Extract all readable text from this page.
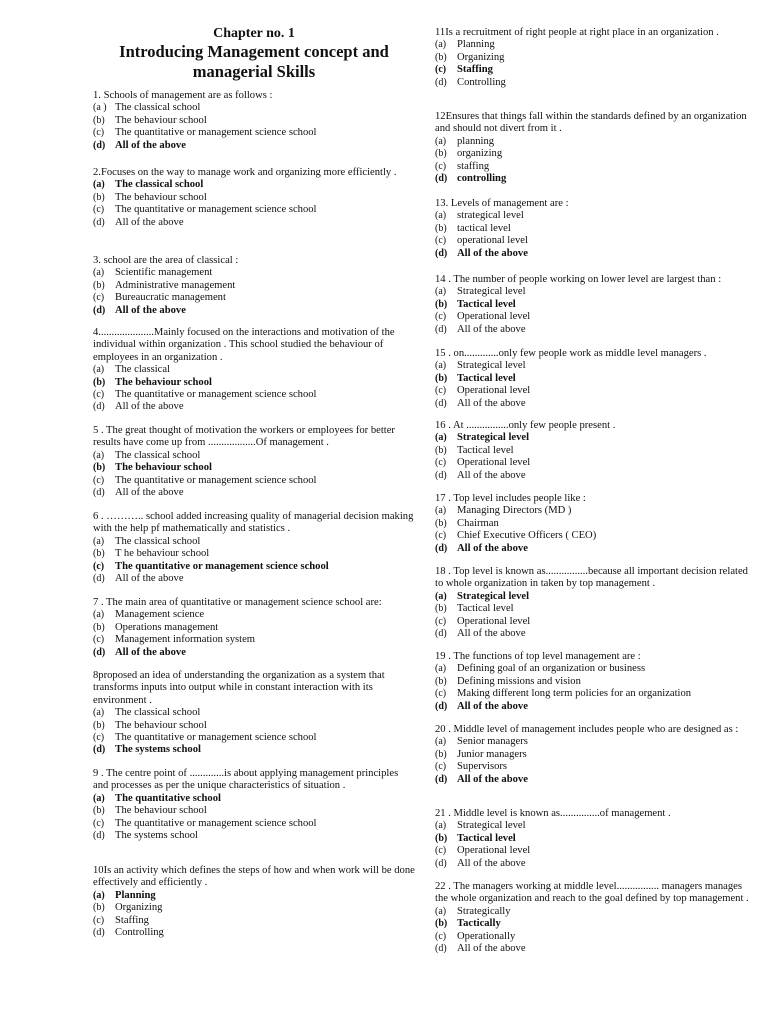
Chapter no. 1
Introducing Management concept and
managerial Skills

1. Schools of management are as follows :

(a ) The classical school
(b) The behaviour school
(c)	The quantitative or management science school
(d) All of the above

2.Focuses on the way to manage work and organizing more efficiently .

(a) The classical school
(b) The behaviour school
(c)	The quantitative or management science school
(d) All of the above

3. school are the area of classical :

(a)	Scientific management
(b) Administrative management
(c)	Bureaucratic management
(d) All of the above

4.....................Mainly focused on the interactions and motivation of the individual within organization . This school studied the behaviour of employees in an organization .

(a)	The classical
(b) The behaviour school
(c)	The quantitative or management science school
(d) All of the above

5 . The great thought of motivation the workers or employees for better results have come up from ..................Of management .

(a)	The classical school
(b) The behaviour school
(c)	The quantitative or management science school
(d) All of the above

6 . ……….. school added increasing quality of managerial decision making with the help pf mathematically and statistics .

(a)	The classical school
(b) T he behaviour school
(c)	The quantitative or management science school
(d) All of the above

7 . The main area of quantitative or management science school are:

(a)	Management science
(b) Operations management
(c)	Management information system
(d) All of the above

8proposed an idea of understanding the organization as a system that transforms inputs into output while in constant interaction with its environment .

(a)	The classical school
(b) The behaviour school
(c)	The quantitative or management science school
(d) The systems school

9 . The centre point of .............is about applying management principles and processes as per the unique characteristics of situation .

(a) The quantitative school
(b) The behaviour school
(c)	The quantitative or management science school
(d) The systems school

10Is an activity which defines the steps of how and when work will be done effectively and efficiently .

(a) Planning
(b) Organizing
(c)	Staffing
(d) Controlling

11Is a recruitment of right people at right place in an organization .

(a)	Planning
(b) Organizing
(c)	Staffing
(d) Controlling

12Ensures that things fall within the standards defined by an organization and should not divert from it .

(a)	planning
(b) organizing
(c)	staffing
(d) controlling

13. Levels of management are :

(a)	strategical level
(b) tactical level
(c)	operational level
(d) All of the above

14 . The number of people working on lower level are largest than :

(a)	Strategical level
(b) Tactical level
(c)	Operational level
(d) All of the above

15 . on.............only few people work as middle level managers .

(a)	Strategical level
(b) Tactical level
(c)	Operational level
(d) All of the above

16 . At ................only few people present .

(a) Strategical level
(b) Tactical level
(c)	Operational level
(d) All of the above

17 . Top level includes people like :

(a)	Managing Directors (MD )
(b) Chairman
(c)	Chief Executive Officers ( CEO)
(d) All of the above

18 . Top level is known as................because all important decision related to whole organization in taken by top management .

(a) Strategical level
(b) Tactical level
(c)	Operational level
(d) All of the above

19 . The functions of top level management are :

(a)	Defining goal of an organization or business
(b) Defining missions and vision
(c)	Making different long term policies for an organization
(d) All of the above

20 . Middle level of management includes people who are designed as :

(a)	Senior managers
(b) Junior managers
(c)	Supervisors
(d) All of the above

21 . Middle level is known as...............of management .

(a)	Strategical level
(b) Tactical level
(c)	Operational level
(d) All of the above

22 . The managers working at middle level................ managers manages the whole organization and reach to the goal defined by top management .

(a)	Strategically
(b) Tactically
(c)	Operationally
(d) All of the above
